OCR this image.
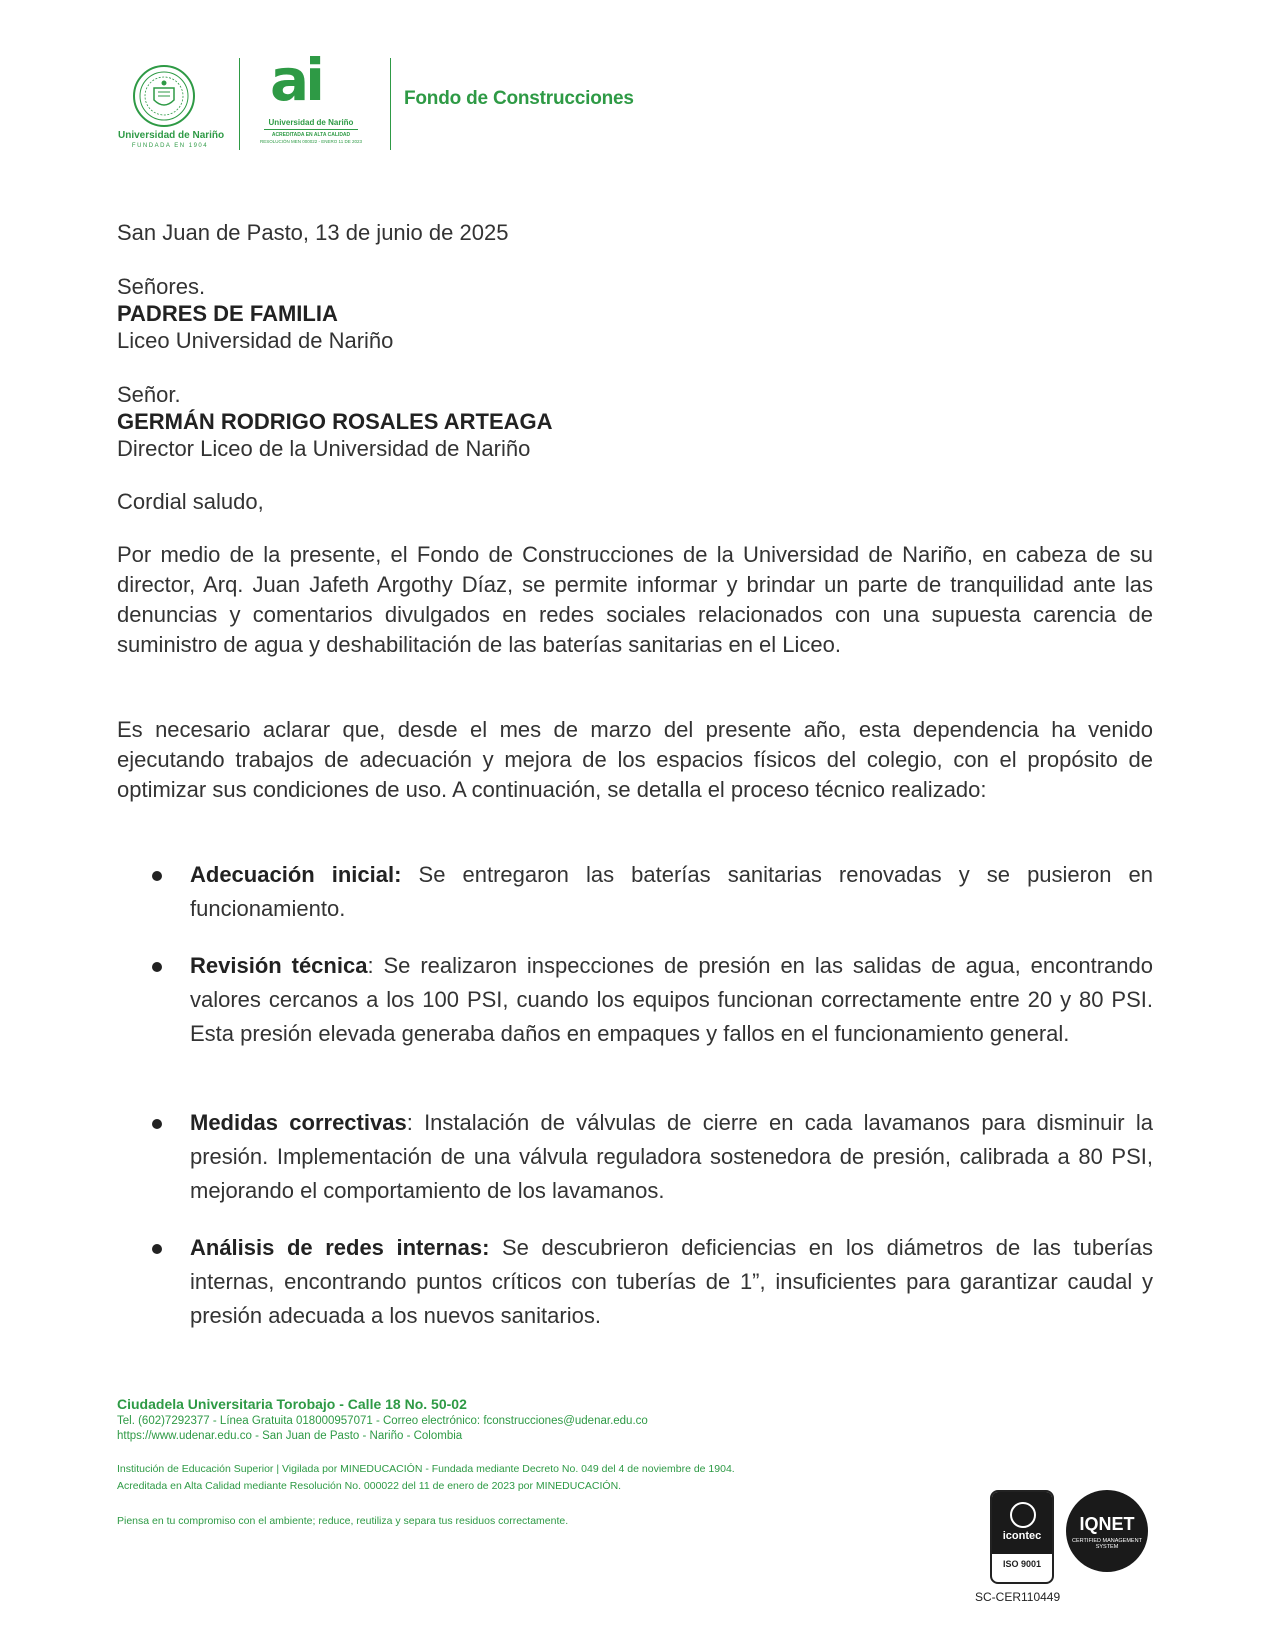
Universidad de Nariño
FUNDADA EN 1904
ai
Universidad de Nariño
ACREDITADA EN ALTA CALIDAD
RESOLUCIÓN MEN 000022 - ENERO 11 DE 2023
Fondo de Construcciones
San Juan de Pasto, 13 de junio de 2025
Señores.
PADRES DE FAMILIA
Liceo Universidad de Nariño
Señor.
GERMÁN RODRIGO ROSALES ARTEAGA
Director Liceo de la Universidad de Nariño
Cordial saludo,
Por medio de la presente, el Fondo de Construcciones de la Universidad de Nariño, en cabeza de su director, Arq. Juan Jafeth Argothy Díaz, se permite informar y brindar un parte de tranquilidad ante las denuncias y comentarios divulgados en redes sociales relacionados con una supuesta carencia de suministro de agua y deshabilitación de las baterías sanitarias en el Liceo.
Es necesario aclarar que, desde el mes de marzo del presente año, esta dependencia ha venido ejecutando trabajos de adecuación y mejora de los espacios físicos del colegio, con el propósito de optimizar sus condiciones de uso. A continuación, se detalla el proceso técnico realizado:
Adecuación inicial: Se entregaron las baterías sanitarias renovadas y se pusieron en funcionamiento.
Revisión técnica: Se realizaron inspecciones de presión en las salidas de agua, encontrando valores cercanos a los 100 PSI, cuando los equipos funcionan correctamente entre 20 y 80 PSI. Esta presión elevada generaba daños en empaques y fallos en el funcionamiento general.
Medidas correctivas: Instalación de válvulas de cierre en cada lavamanos para disminuir la presión. Implementación de una válvula reguladora sostenedora de presión, calibrada a 80 PSI, mejorando el comportamiento de los lavamanos.
Análisis de redes internas: Se descubrieron deficiencias en los diámetros de las tuberías internas, encontrando puntos críticos con tuberías de 1”, insuficientes para garantizar caudal y presión adecuada a los nuevos sanitarios.
Ciudadela Universitaria Torobajo - Calle 18 No. 50-02
Tel. (602)7292377 - Línea Gratuita 018000957071 - Correo electrónico: fconstrucciones@udenar.edu.co
https://www.udenar.edu.co - San Juan de Pasto - Nariño - Colombia
Institución de Educación Superior | Vigilada por MINEDUCACIÓN - Fundada mediante Decreto No. 049 del 4 de noviembre de 1904.
Acreditada en Alta Calidad mediante Resolución No. 000022 del 11 de enero de 2023 por MINEDUCACIÓN.
Piensa en tu compromiso con el ambiente; reduce, reutiliza y separa tus residuos correctamente.
icontec
ISO 9001
IQNET
CERTIFIED MANAGEMENT SYSTEM
SC-CER110449
